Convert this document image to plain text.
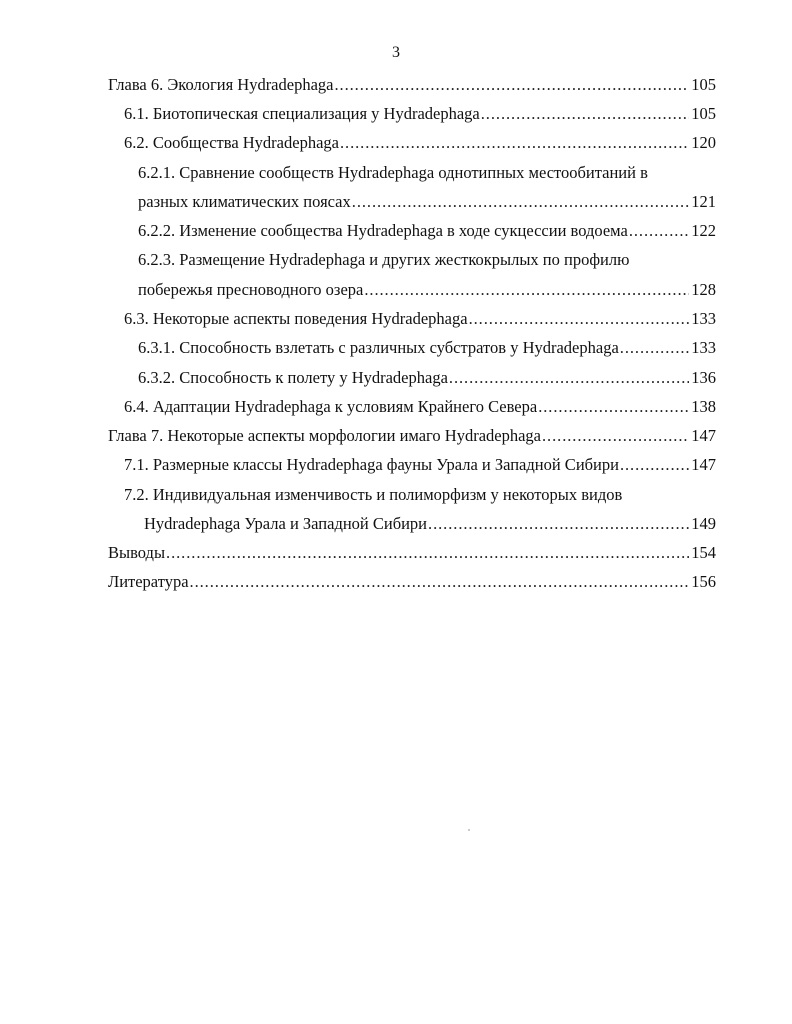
3
Глава 6. Экология Hydradephaga . . .	105
6.1. Биотопическая специализация у Hydradephaga . . .	105
6.2. Сообщества Hydradephaga . . .	120
6.2.1. Сравнение сообществ Hydradephaga однотипных местообитаний в
разных климатических поясах . . .	121
6.2.2. Изменение сообщества Hydradephaga в ходе сукцессии водоема . . .	122
6.2.3. Размещение Hydradephaga и других жесткокрылых по профилю
побережья пресноводного озера . . .	128
6.3. Некоторые аспекты поведения Hydradephaga . . .	133
6.3.1. Способность взлетать с различных субстратов у Hydradephaga . . .	133
6.3.2. Способность к полету у Hydradephaga . . .	136
6.4. Адаптации Hydradephaga к условиям Крайнего Севера . . .	138
Глава 7. Некоторые аспекты морфологии имаго Hydradephaga . . .	147
7.1. Размерные классы Hydradephaga фауны Урала и Западной Сибири . . .	147
7.2. Индивидуальная изменчивость и полиморфизм у некоторых видов
Hydradephaga Урала и Западной Сибири . . .	149
Выводы . . .	154
Литература . . .	156
